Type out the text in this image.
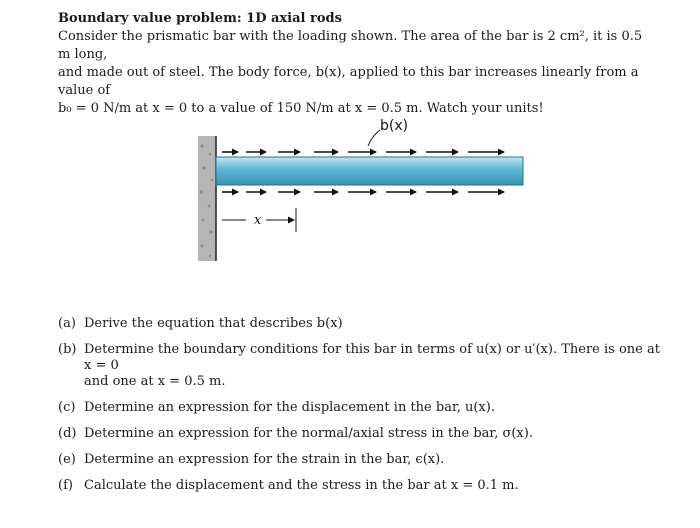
Boundary value problem: 1D axial rods
Consider the prismatic bar with the loading shown. The area of the bar is 2 cm², it is 0.5 m long,
and made out of steel. The body force, b(x), applied to this bar increases linearly from a value of
b₀ = 0 N/m at x = 0 to a value of 150 N/m at x = 0.5 m. Watch your units!
b(x)
x
(a) Derive the equation that describes b(x)
(b) Determine the boundary conditions for this bar in terms of u(x) or u′(x). There is one at x = 0
and one at x = 0.5 m.
(c) Determine an expression for the displacement in the bar, u(x).
(d) Determine an expression for the normal/axial stress in the bar, σ(x).
(e) Determine an expression for the strain in the bar, ϵ(x).
(f) Calculate the displacement and the stress in the bar at x = 0.1 m.
